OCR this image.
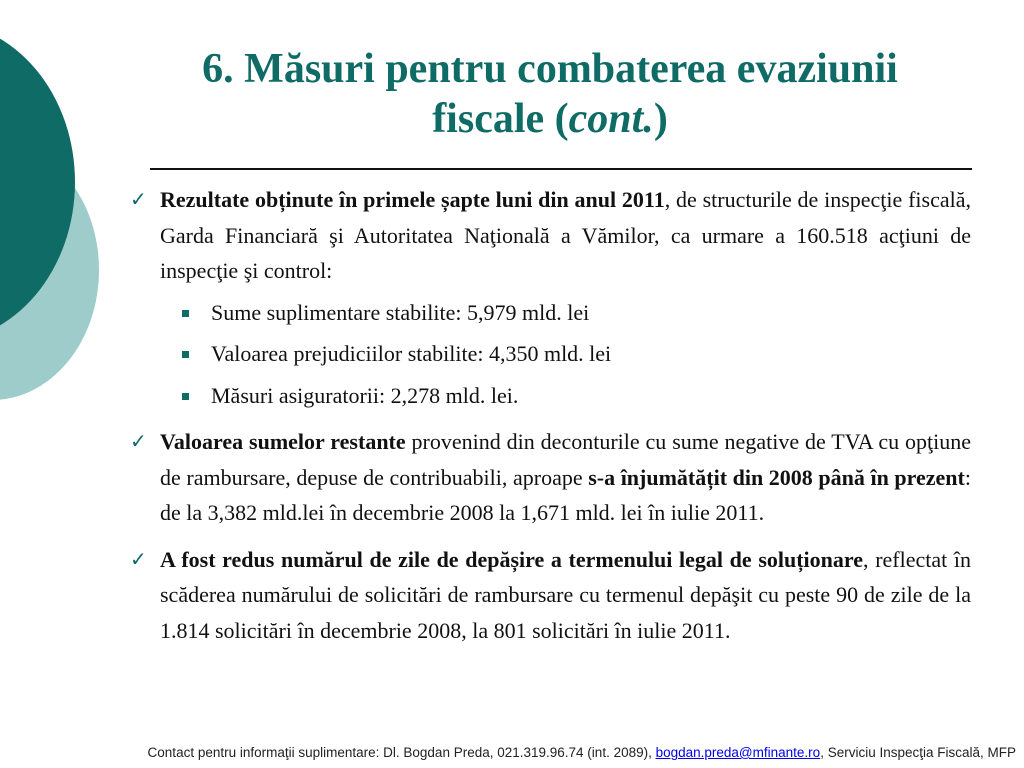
6. Măsuri pentru combaterea evaziunii
fiscale (cont.)
✓ Rezultate obținute în primele șapte luni din anul 2011, de structurile de inspecţie fiscală, Garda Financiară şi Autoritatea Naţională a Vămilor, ca urmare a 160.518 acţiuni de inspecţie şi control:
Sume suplimentare stabilite: 5,979 mld. lei
Valoarea prejudiciilor stabilite: 4,350 mld. lei
Măsuri asiguratorii: 2,278 mld. lei.
✓ Valoarea sumelor restante provenind din deconturile cu sume negative de TVA cu opţiune de rambursare, depuse de contribuabili, aproape s-a înjumătățit din 2008 până în prezent: de la 3,382 mld.lei în decembrie 2008 la 1,671 mld. lei în iulie 2011.
✓ A fost redus numărul de zile de depășire a termenului legal de soluționare, reflectat în scăderea numărului de solicitări de rambursare cu termenul depăşit cu peste 90 de zile de la 1.814 solicitări în decembrie 2008, la 801 solicitări în iulie 2011.
Contact pentru informaţii suplimentare: Dl. Bogdan Preda, 021.319.96.74 (int. 2089), bogdan.preda@mfinante.ro, Serviciu Inspecţia Fiscală, MFP
